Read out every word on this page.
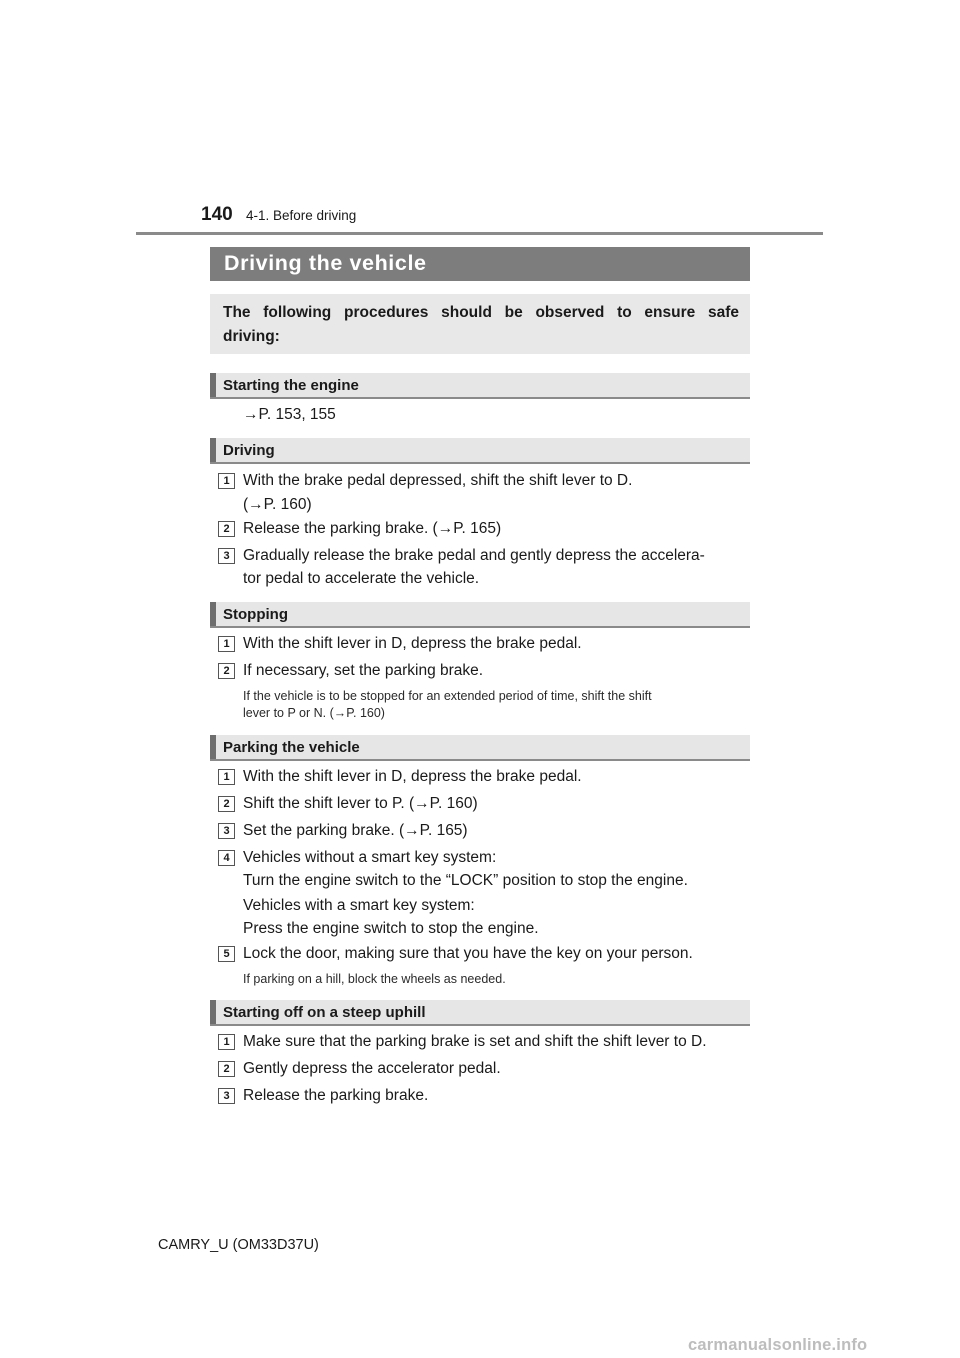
140 4-1. Before driving
Driving the vehicle
The following procedures should be observed to ensure safe driving:
Starting the engine
→P. 153, 155
Driving
1 With the brake pedal depressed, shift the shift lever to D.
(→P. 160)
2 Release the parking brake. (→P. 165)
3 Gradually release the brake pedal and gently depress the accelera-
tor pedal to accelerate the vehicle.
Stopping
1 With the shift lever in D, depress the brake pedal.
2 If necessary, set the parking brake.
If the vehicle is to be stopped for an extended period of time, shift the shift
lever to P or N. (→P. 160)
Parking the vehicle
1 With the shift lever in D, depress the brake pedal.
2 Shift the shift lever to P. (→P. 160)
3 Set the parking brake. (→P. 165)
4 Vehicles without a smart key system:
Turn the engine switch to the “LOCK” position to stop the engine.
Vehicles with a smart key system:
Press the engine switch to stop the engine.
5 Lock the door, making sure that you have the key on your person.
If parking on a hill, block the wheels as needed.
Starting off on a steep uphill
1 Make sure that the parking brake is set and shift the shift lever to D.
2 Gently depress the accelerator pedal.
3 Release the parking brake.
CAMRY_U (OM33D37U)
carmanualsonline.info
